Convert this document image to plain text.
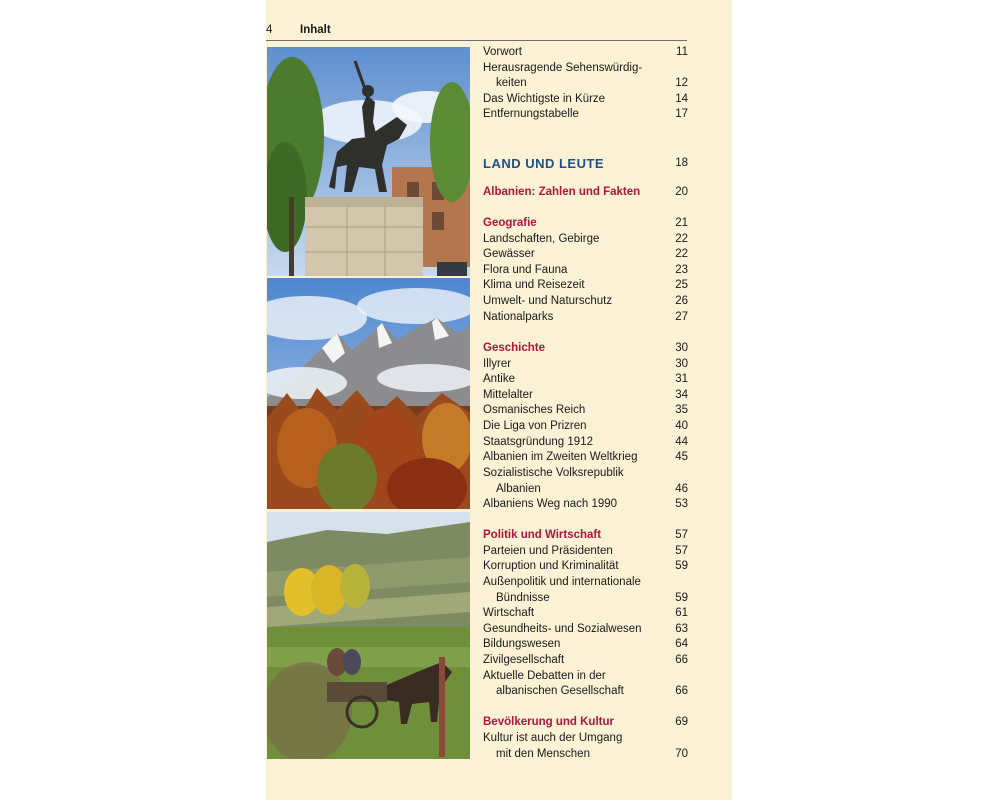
4 Inhalt
Vorwort	11
Herausragende Sehenswürdig-
keiten	12
Das Wichtigste in Kürze	14
Entfernungstabelle	17
LAND UND LEUTE	18
Albanien: Zahlen und Fakten	20
Geografie	21
Landschaften, Gebirge	22
Gewässer	22
Flora und Fauna	23
Klima und Reisezeit	25
Umwelt- und Naturschutz	26
Nationalparks	27
Geschichte	30
Illyrer	30
Antike	31
Mittelalter	34
Osmanisches Reich	35
Die Liga von Prizren	40
Staatsgründung 1912	44
Albanien im Zweiten Weltkrieg	45
Sozialistische Volksrepublik
Albanien	46
Albaniens Weg nach 1990	53
Politik und Wirtschaft	57
Parteien und Präsidenten	57
Korruption und Kriminalität	59
Außenpolitik und internationale
Bündnisse	59
Wirtschaft	61
Gesundheits- und Sozialwesen	63
Bildungswesen	64
Zivilgesellschaft	66
Aktuelle Debatten in der
albanischen Gesellschaft	66
Bevölkerung und Kultur	69
Kultur ist auch der Umgang
mit den Menschen	70
